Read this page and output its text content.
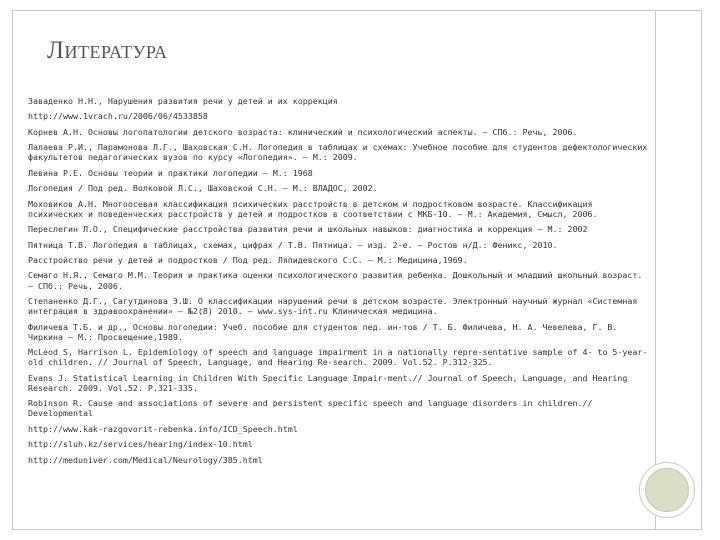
ЛИТЕРАТУРА
Заваденко Н.Н., Нарушения развития речи у детей и их коррекция
http://www.1vrach.ru/2006/06/4533858
Корнев А.Н. Основы логопатологии детского возраста: клинический и психологический аспекты. – СПб.: Речь, 2006.
Лалаева Р.И., Парамонова Л.Г., Шаховская С.Н. Логопедия в таблицах и схемах: Учебное пособие для студентов дефектологических факультетов педагогических вузов по курсу «Логопедия». – М.: 2009.
Левина Р.Е. Основы теории и практики логопедии – М.: 1968
Логопедия / Под ред. Волковой Л.С., Шаховской С.Н. – М.: ВЛАДОС, 2002.
Моховиков А.Н. Многоосевая классификация психических расстройств в детском и подростковом возрасте. Классификация психических и поведенческих расстройств у детей и подростков в соответствии с МКБ-10. – М.: Академия, Смысл, 2006.
Переслегин Л.О., Специфические расстройства развития речи и школьных навыков: диагностика и коррекция – М.: 2002
Пятница Т.В. Логопедия в таблицах, схемах, цифрах / Т.В. Пятница. – изд. 2-е. – Ростов н/Д.: Феникс, 2010.
Расстройство речи у детей и подростков / Под ред. Ляпидевского С.С. – М.: Медицина,1969.
Семаго Н.Я., Семаго М.М. Теория и практика оценки психологического развития ребенка. Дошкольный и младший школьный возраст. – СПб.: Речь, 2006.
Степаненко Д.Г., Сагутдинова Э.Ш. О классификации нарушений речи в детском возрасте. Электронный научный журнал «Системная интеграция в здравоохранении» – №2(8) 2010. – www.sys-int.ru Клиническая медицина.
Филичева Т.Б. и др., Основы логопедии: Учеб. пособие для студентов пед. ин-тов / Т. Б. Филичева, Н. А. Чевелева, Г. В. Чиркина – М.: Просвещение,1989.
McLeod S, Harrison L. Epidemiology of speech and language impairment in a nationally repre-sentative sample of 4- to 5-year-old children. // Journal of Speech, Language, and Hearing Re-search. 2009. Vol.52. P.312-325.
Evans J. Statistical Learning in Children With Specific Language Impair-ment.// Journal of Speech, Language, and Hearing Research. 2009. Vol.52. P.321-335.
Robinson R. Cause and associations of severe and persistent specific speech and language disorders in children.// Developmental
http://www.kak-razgovorit-rebenka.info/ICD_Speech.html
http://sluh.kz/services/hearing/index-10.html
http://meduniver.com/Medical/Neurology/385.html
